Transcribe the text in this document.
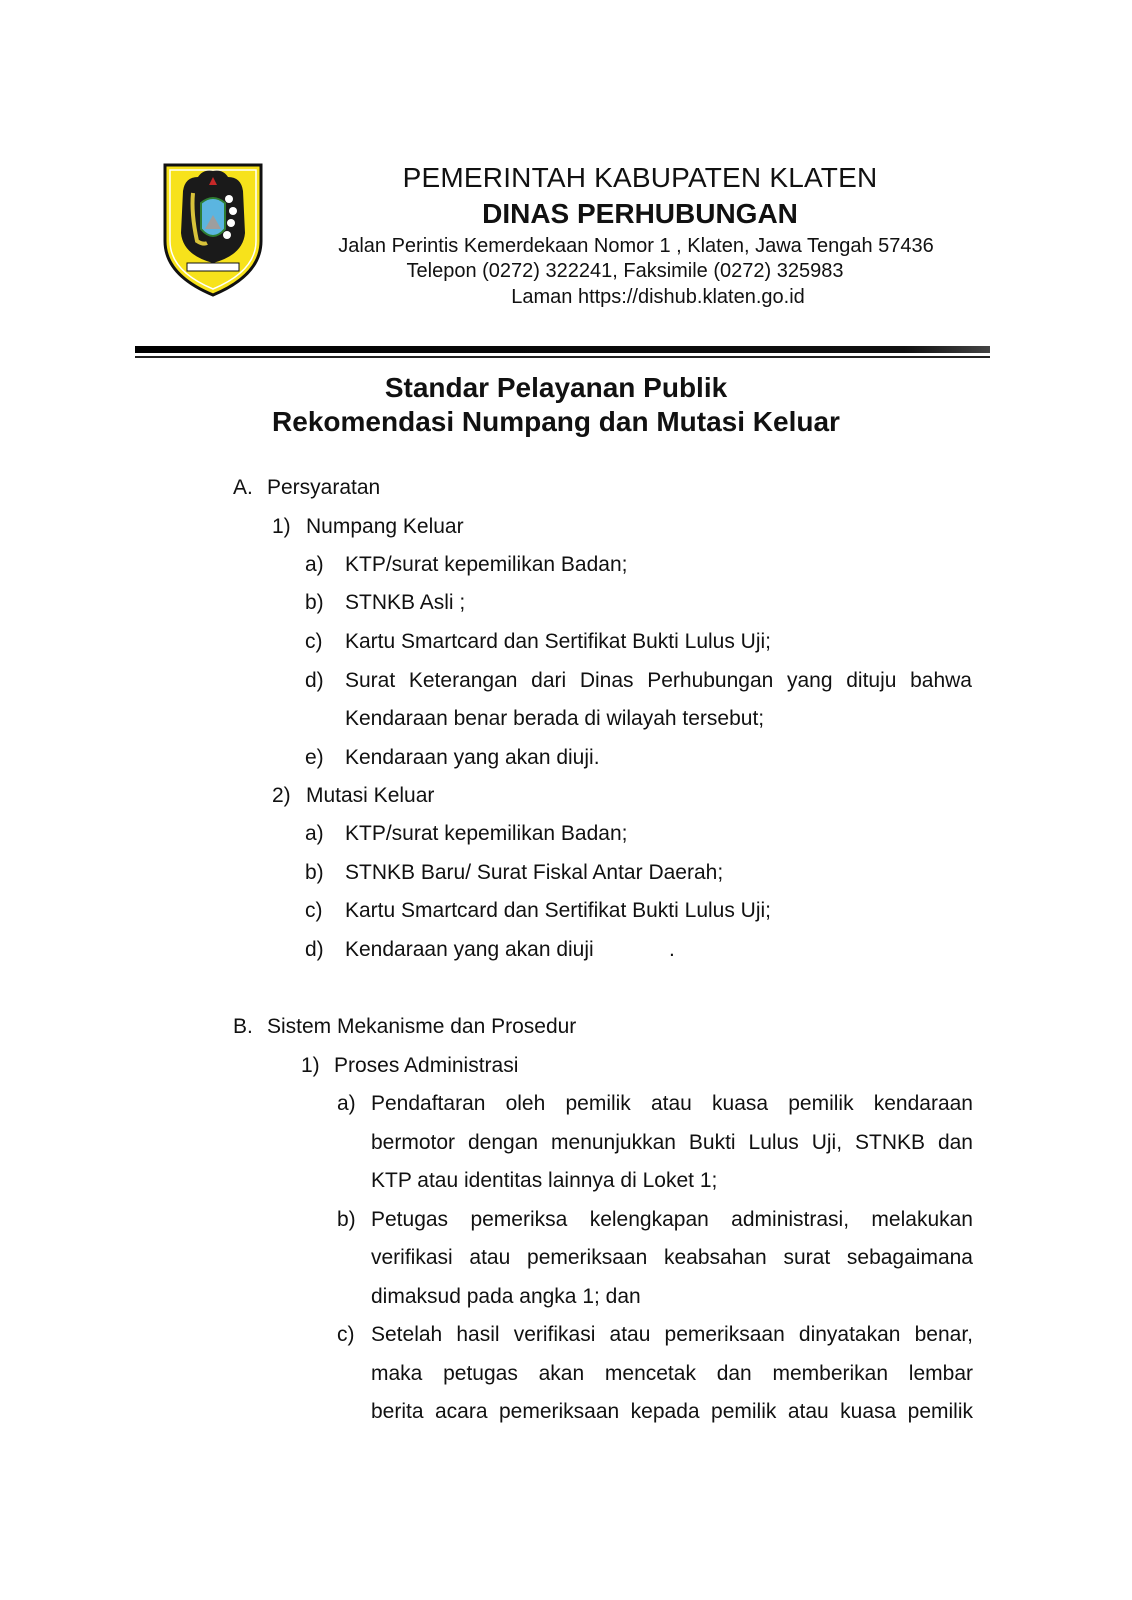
PEMERINTAH KABUPATEN KLATEN
DINAS PERHUBUNGAN
Jalan Perintis Kemerdekaan Nomor 1 , Klaten, Jawa Tengah 57436
Telepon (0272) 322241, Faksimile (0272) 325983
Laman https://dishub.klaten.go.id
Standar Pelayanan Publik
Rekomendasi Numpang dan Mutasi Keluar
A. Persyaratan
1) Numpang Keluar
a) KTP/surat kepemilikan Badan;
b) STNKB Asli ;
c) Kartu Smartcard dan Sertifikat Bukti Lulus Uji;
d) Surat Keterangan dari Dinas Perhubungan yang dituju bahwa
Kendaraan benar berada di wilayah tersebut;
e) Kendaraan yang akan diuji.
2) Mutasi Keluar
a) KTP/surat kepemilikan Badan;
b) STNKB Baru/ Surat Fiskal Antar Daerah;
c) Kartu Smartcard dan Sertifikat Bukti Lulus Uji;
d) Kendaraan yang akan diuji	.
B. Sistem Mekanisme dan Prosedur
1) Proses Administrasi
a) Pendaftaran oleh pemilik atau kuasa pemilik kendaraan
bermotor dengan menunjukkan Bukti Lulus Uji, STNKB dan
KTP atau identitas lainnya di Loket 1;
b) Petugas pemeriksa kelengkapan administrasi, melakukan
verifikasi atau pemeriksaan keabsahan surat sebagaimana
dimaksud pada angka 1; dan
c) Setelah hasil verifikasi atau pemeriksaan dinyatakan benar,
maka petugas akan mencetak dan memberikan lembar
berita acara pemeriksaan kepada pemilik atau kuasa pemilik
